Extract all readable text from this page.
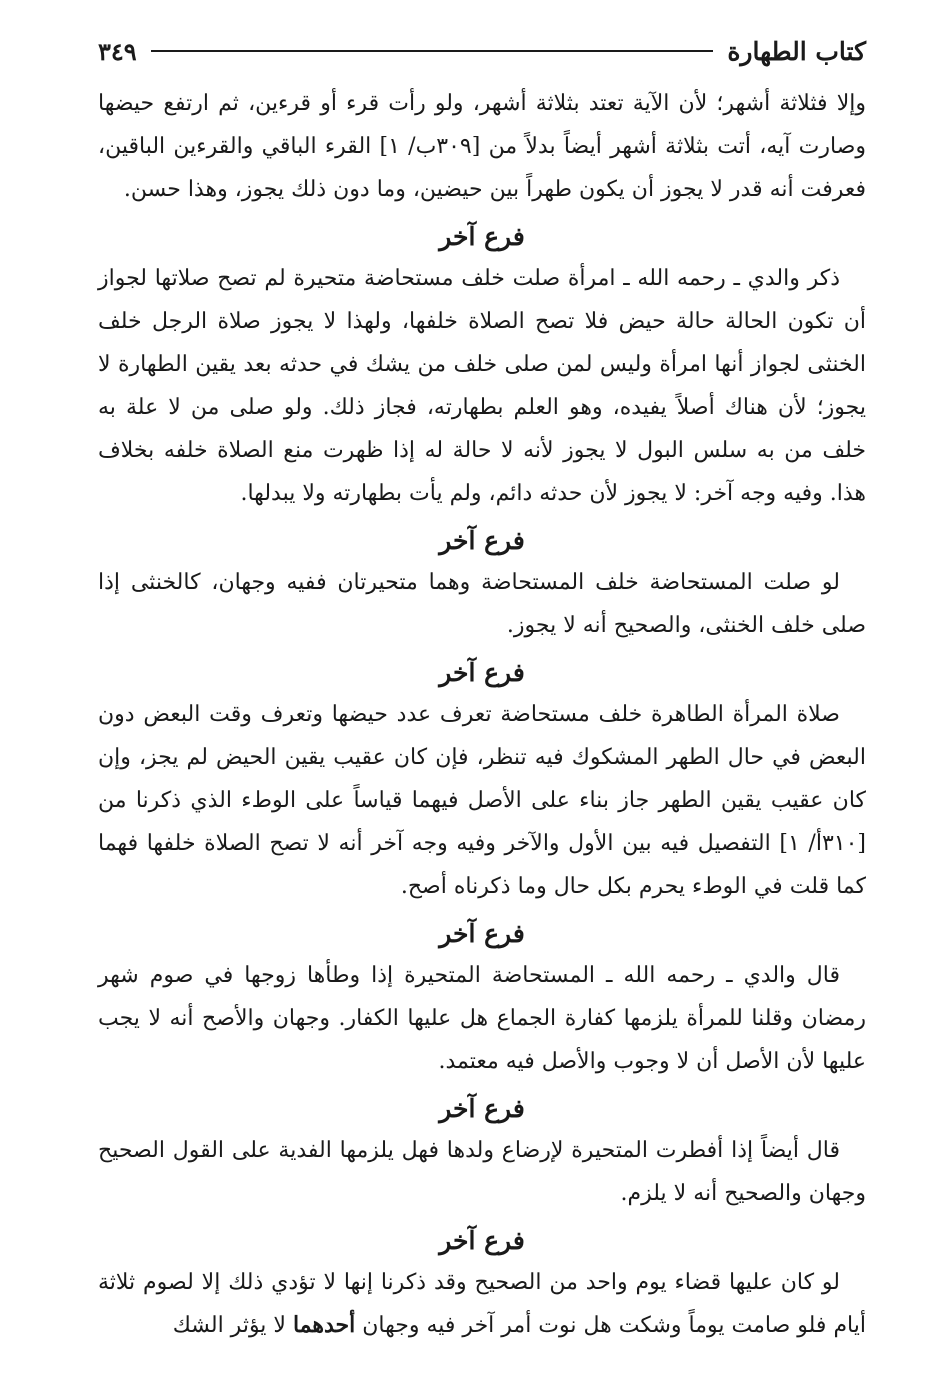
كتاب الطهارة
٣٤٩

وإلا فثلاثة أشهر؛ لأن الآية تعتد بثلاثة أشهر، ولو رأت قرء أو قرءين، ثم ارتفع حيضها وصارت آيه، أتت بثلاثة أشهر أيضاً بدلاً من [٣٠٩ب/ ١] القرء الباقي والقرءين الباقين، فعرفت أنه قدر لا يجوز أن يكون طهراً بين حيضين، وما دون ذلك يجوز، وهذا حسن.

فرع آخر

ذكر والدي ـ رحمه الله ـ امرأة صلت خلف مستحاضة متحيرة لم تصح صلاتها لجواز أن تكون الحالة حالة حيض فلا تصح الصلاة خلفها، ولهذا لا يجوز صلاة الرجل خلف الخنثى لجواز أنها امرأة وليس لمن صلى خلف من يشك في حدثه بعد يقين الطهارة لا يجوز؛ لأن هناك أصلاً يفيده، وهو العلم بطهارته، فجاز ذلك. ولو صلى من لا علة به خلف من به سلس البول لا يجوز لأنه لا حالة له إذا ظهرت منع الصلاة خلفه بخلاف هذا. وفيه وجه آخر: لا يجوز لأن حدثه دائم، ولم يأت بطهارته ولا يبدلها.

فرع آخر

لو صلت المستحاضة خلف المستحاضة وهما متحيرتان ففيه وجهان، كالخنثى إذا صلى خلف الخنثى، والصحيح أنه لا يجوز.

فرع آخر

صلاة المرأة الطاهرة خلف مستحاضة تعرف عدد حيضها وتعرف وقت البعض دون البعض في حال الطهر المشكوك فيه تنظر، فإن كان عقيب يقين الحيض لم يجز، وإن كان عقيب يقين الطهر جاز بناء على الأصل فيهما قياساً على الوطء الذي ذكرنا من [٣١٠أ/ ١] التفصيل فيه بين الأول والآخر وفيه وجه آخر أنه لا تصح الصلاة خلفها فهما كما قلت في الوطء يحرم بكل حال وما ذكرناه أصح.

فرع آخر

قال والدي ـ رحمه الله ـ المستحاضة المتحيرة إذا وطأها زوجها في صوم شهر رمضان وقلنا للمرأة يلزمها كفارة الجماع هل عليها الكفار. وجهان والأصح أنه لا يجب عليها لأن الأصل أن لا وجوب والأصل فيه معتمد.

فرع آخر

قال أيضاً إذا أفطرت المتحيرة لإرضاع ولدها فهل يلزمها الفدية على القول الصحيح وجهان والصحيح أنه لا يلزم.

فرع آخر

لو كان عليها قضاء يوم واحد من الصحيح وقد ذكرنا إنها لا تؤدي ذلك إلا لصوم ثلاثة أيام فلو صامت يوماً وشكت هل نوت أمر آخر فيه وجهان أحدهما لا يؤثر الشك
